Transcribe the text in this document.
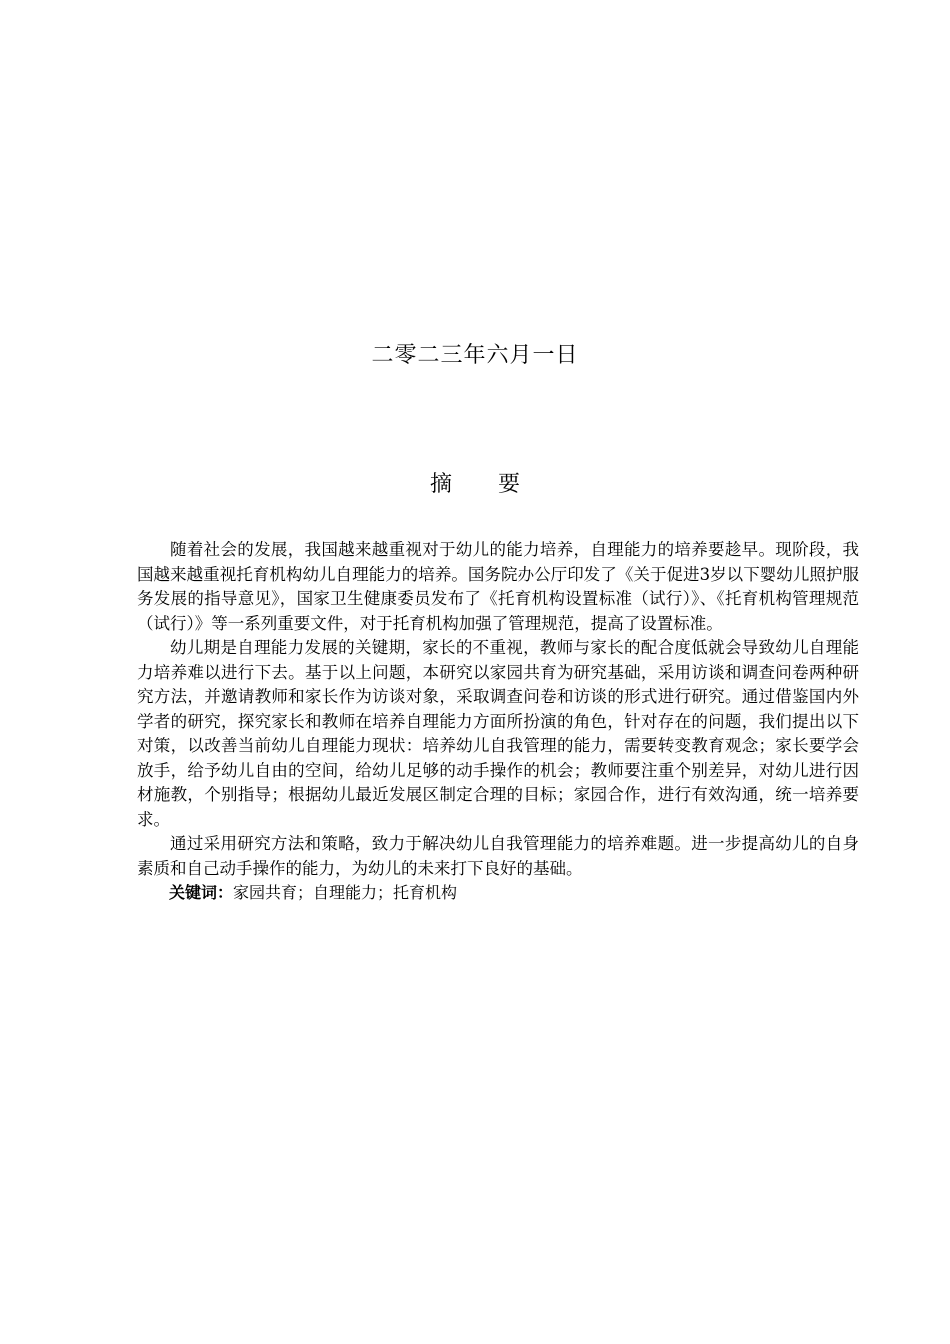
二零二三年六月一日
摘 要

随着社会的发展，我国越来越重视对于幼儿的能力培养，自理能力的培养要趁早。现阶段，我国越来越重视托育机构幼儿自理能力的培养。国务院办公厅印发了《关于促进3岁以下婴幼儿照护服务发展的指导意见》，国家卫生健康委员发布了《托育机构设置标准（试行）》、《托育机构管理规范（试行）》等一系列重要文件，对于托育机构加强了管理规范，提高了设置标准。

幼儿期是自理能力发展的关键期，家长的不重视，教师与家长的配合度低就会导致幼儿自理能力培养难以进行下去。基于以上问题，本研究以家园共育为研究基础，采用访谈和调查问卷两种研究方法，并邀请教师和家长作为访谈对象，采取调查问卷和访谈的形式进行研究。通过借鉴国内外学者的研究，探究家长和教师在培养自理能力方面所扮演的角色，针对存在的问题，我们提出以下对策，以改善当前幼儿自理能力现状：培养幼儿自我管理的能力，需要转变教育观念；家长要学会放手，给予幼儿自由的空间，给幼儿足够的动手操作的机会；教师要注重个别差异，对幼儿进行因材施教，个别指导；根据幼儿最近发展区制定合理的目标；家园合作，进行有效沟通，统一培养要求。

通过采用研究方法和策略，致力于解决幼儿自我管理能力的培养难题。进一步提高幼儿的自身素质和自己动手操作的能力，为幼儿的未来打下良好的基础。

关键词：家园共育；自理能力；托育机构
